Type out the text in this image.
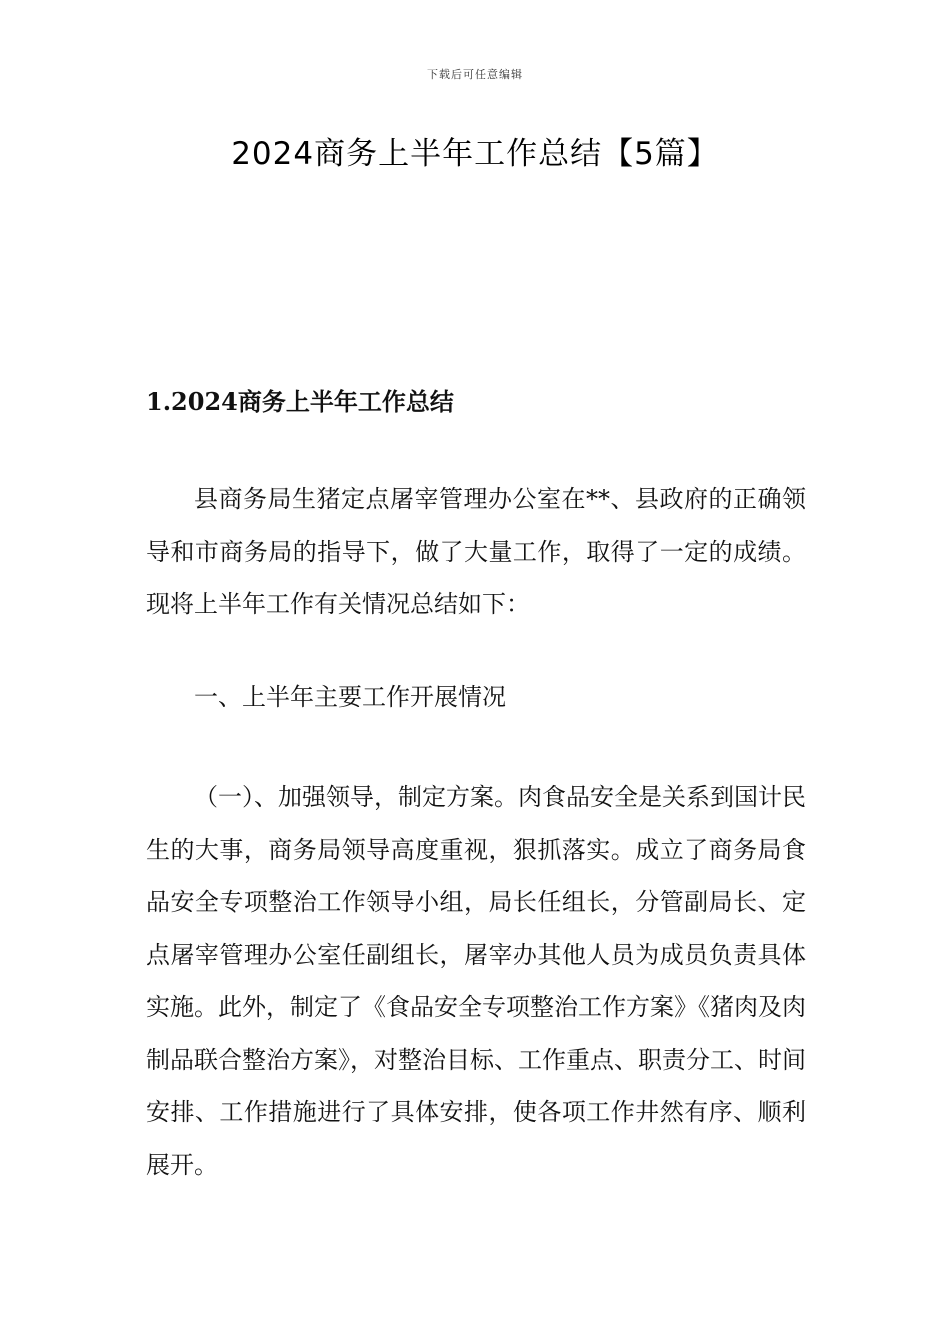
下载后可任意编辑
2024商务上半年工作总结【5篇】
1.2024商务上半年工作总结

县商务局生猪定点屠宰管理办公室在**、县政府的正确领导和市商务局的指导下，做了大量工作，取得了一定的成绩。现将上半年工作有关情况总结如下：

一、上半年主要工作开展情况

（一）、加强领导，制定方案。肉食品安全是关系到国计民生的大事，商务局领导高度重视，狠抓落实。成立了商务局食品安全专项整治工作领导小组，局长任组长，分管副局长、定点屠宰管理办公室任副组长，屠宰办其他人员为成员负责具体实施。此外，制定了《食品安全专项整治工作方案》《猪肉及肉制品联合整治方案》，对整治目标、工作重点、职责分工、时间安排、工作措施进行了具体安排，使各项工作井然有序、顺利展开。
